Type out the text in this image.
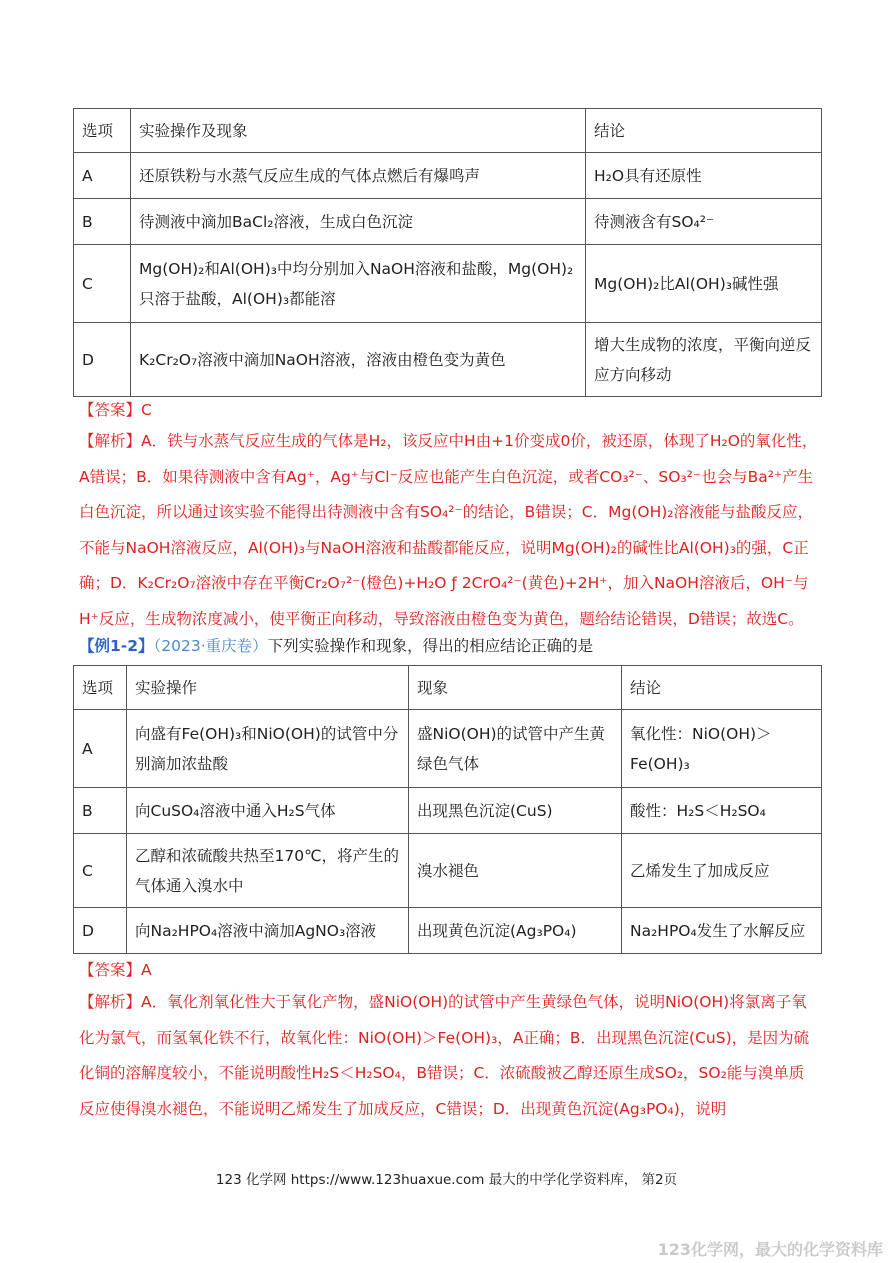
选项	实验操作及现象	结论
A	还原铁粉与水蒸气反应生成的气体点燃后有爆鸣声	H₂O具有还原性
B	待测液中滴加BaCl₂溶液，生成白色沉淀	待测液含有SO₄²⁻
C	Mg(OH)₂和Al(OH)₃中均分别加入NaOH溶液和盐酸，Mg(OH)₂只溶于盐酸，Al(OH)₃都能溶	Mg(OH)₂比Al(OH)₃碱性强
D	K₂Cr₂O₇溶液中滴加NaOH溶液，溶液由橙色变为黄色	增大生成物的浓度，平衡向逆反应方向移动
【答案】C

【解析】A．铁与水蒸气反应生成的气体是H₂，该反应中H由+1价变成0价，被还原，体现了H₂O的氧化性，A错误；B．如果待测液中含有Ag⁺，Ag⁺与Cl⁻反应也能产生白色沉淀，或者CO₃²⁻、SO₃²⁻也会与Ba²⁺产生白色沉淀，所以通过该实验不能得出待测液中含有SO₄²⁻的结论，B错误；C．Mg(OH)₂溶液能与盐酸反应，不能与NaOH溶液反应，Al(OH)₃与NaOH溶液和盐酸都能反应，说明Mg(OH)₂的碱性比Al(OH)₃的强，C正确；D．K₂Cr₂O₇溶液中存在平衡Cr₂O₇²⁻(橙色)+H₂O ƒ 2CrO₄²⁻(黄色)+2H⁺，加入NaOH溶液后，OH⁻与H⁺反应，生成物浓度减小，使平衡正向移动，导致溶液由橙色变为黄色，题给结论错误，D错误；故选C。

【例1-2】（2023·重庆卷）下列实验操作和现象，得出的相应结论正确的是
选项	实验操作	现象	结论
A	向盛有Fe(OH)₃和NiO(OH)的试管中分别滴加浓盐酸	盛NiO(OH)的试管中产生黄绿色气体	氧化性：NiO(OH)＞Fe(OH)₃
B	向CuSO₄溶液中通入H₂S气体	出现黑色沉淀(CuS)	酸性：H₂S＜H₂SO₄
C	乙醇和浓硫酸共热至170℃，将产生的气体通入溴水中	溴水褪色	乙烯发生了加成反应
D	向Na₂HPO₄溶液中滴加AgNO₃溶液	出现黄色沉淀(Ag₃PO₄)	Na₂HPO₄发生了水解反应
【答案】A

【解析】A．氧化剂氧化性大于氧化产物，盛NiO(OH)的试管中产生黄绿色气体，说明NiO(OH)将氯离子氧化为氯气，而氢氧化铁不行，故氧化性：NiO(OH)＞Fe(OH)₃，A正确；B．出现黑色沉淀(CuS)，是因为硫化铜的溶解度较小，不能说明酸性H₂S＜H₂SO₄，B错误；C．浓硫酸被乙醇还原生成SO₂，SO₂能与溴单质反应使得溴水褪色，不能说明乙烯发生了加成反应，C错误；D．出现黄色沉淀(Ag₃PO₄)，说明

123 化学网 https://www.123huaxue.com 最大的中学化学资料库， 第2页
123化学网，最大的化学资料库
